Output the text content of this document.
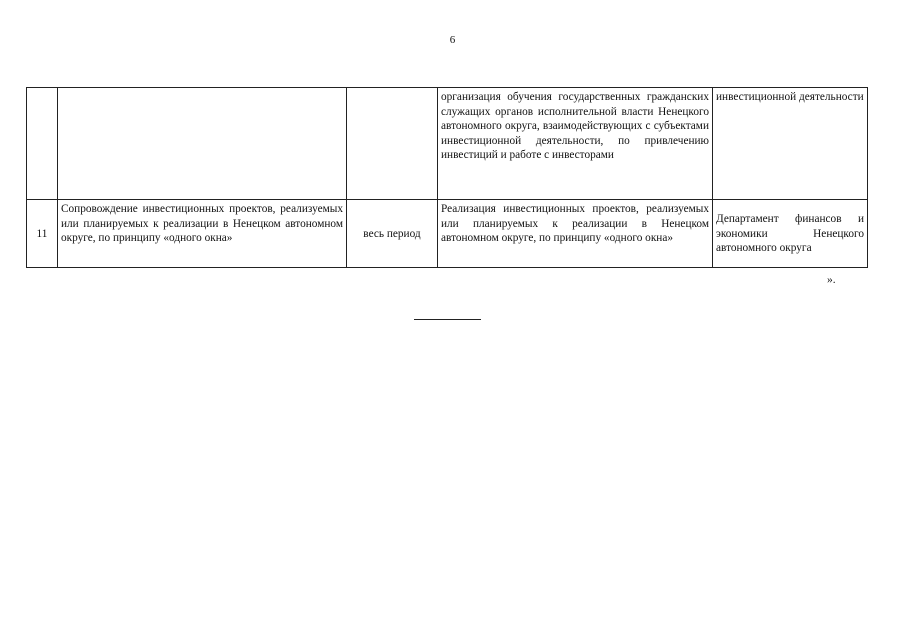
6
			организация обучения государственных гражданских служащих органов исполнительной власти Ненецкого автономного округа, взаимодействующих с субъектами инвестиционной деятельности, по привлечению инвестиций и работе с инвесторами	инвестиционной деятельности
11	Сопровождение инвестиционных проектов, реализуемых или планируемых к реализации в Ненецком автономном округе, по принципу «одного окна»	весь период	Реализация инвестиционных проектов, реализуемых или планируемых к реализации в Ненецком автономном округе, по принципу «одного окна»	Департамент финансов и экономики Ненецкого автономного округа
».
